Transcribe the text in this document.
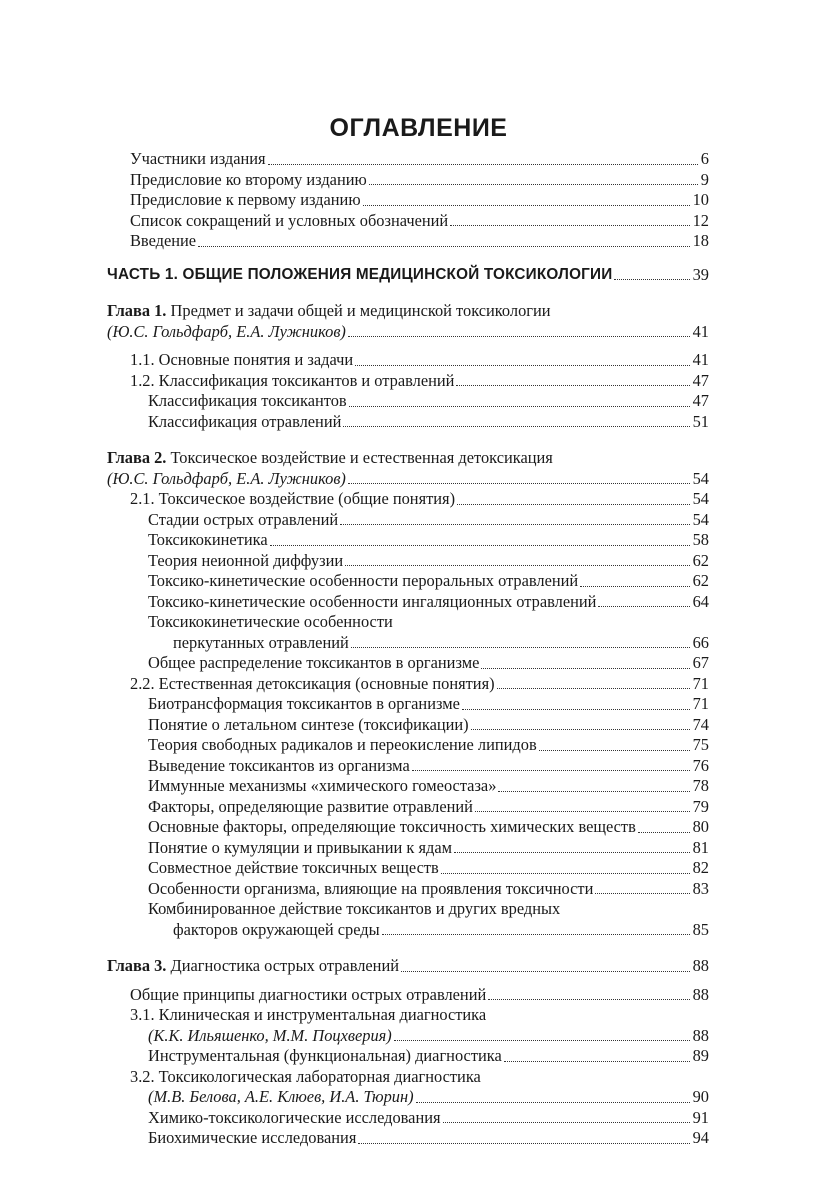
ОГЛАВЛЕНИЕ
Участники издания	6
Предисловие ко второму изданию	9
Предисловие к первому изданию	10
Список сокращений и условных обозначений	12
Введение	18
ЧАСТЬ 1. ОБЩИЕ ПОЛОЖЕНИЯ МЕДИЦИНСКОЙ ТОКСИКОЛОГИИ	39
Глава 1. Предмет и задачи общей и медицинской токсикологии
(Ю.С. Гольдфарб, Е.А. Лужников)	41
1.1. Основные понятия и задачи	41
1.2. Классификация токсикантов и отравлений	47
Классификация токсикантов	47
Классификация отравлений	51
Глава 2. Токсическое воздействие и естественная детоксикация
(Ю.С. Гольдфарб, Е.А. Лужников)	54
2.1. Токсическое воздействие (общие понятия)	54
Стадии острых отравлений	54
Токсикокинетика	58
Теория неионной диффузии	62
Токсико-кинетические особенности пероральных отравлений	62
Токсико-кинетические особенности ингаляционных отравлений	64
Токсикокинетические особенности
перкутанных отравлений	66
Общее распределение токсикантов в организме	67
2.2. Естественная детоксикация (основные понятия)	71
Биотрансформация токсикантов в организме	71
Понятие о летальном синтезе (токсификации)	74
Теория свободных радикалов и переокисление липидов	75
Выведение токсикантов из организма	76
Иммунные механизмы «химического гомеостаза»	78
Факторы, определяющие развитие отравлений	79
Основные факторы, определяющие токсичность химических веществ	80
Понятие о кумуляции и привыкании к ядам	81
Совместное действие токсичных веществ	82
Особенности организма, влияющие на проявления токсичности	83
Комбинированное действие токсикантов и других вредных
факторов окружающей среды	85
Глава 3. Диагностика острых отравлений	88
Общие принципы диагностики острых отравлений	88
3.1. Клиническая и инструментальная диагностика
(К.К. Ильяшенко, М.М. Поцхверия)	88
Инструментальная (функциональная) диагностика	89
3.2. Токсикологическая лабораторная диагностика
(М.В. Белова, А.Е. Клюев, И.А. Тюрин)	90
Химико-токсикологические исследования	91
Биохимические исследования	94
